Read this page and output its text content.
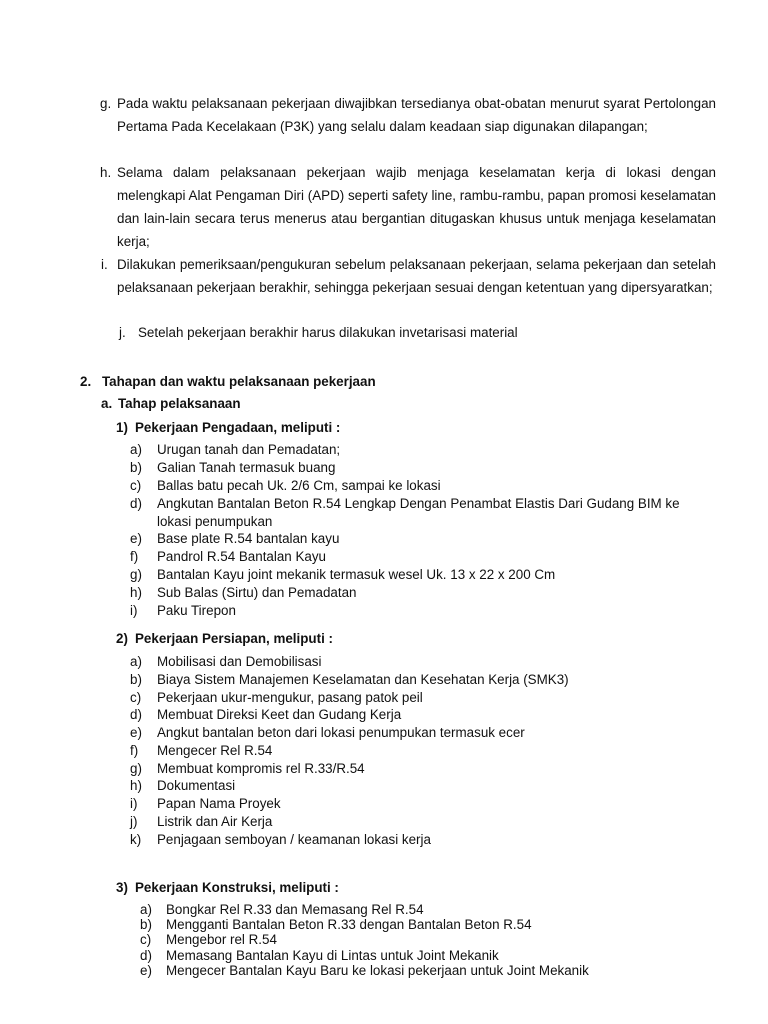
g. Pada waktu pelaksanaan pekerjaan diwajibkan tersedianya obat-obatan menurut syarat Pertolongan Pertama Pada Kecelakaan (P3K) yang selalu dalam keadaan siap digunakan dilapangan;
h. Selama dalam pelaksanaan pekerjaan wajib menjaga keselamatan kerja di lokasi dengan melengkapi Alat Pengaman Diri (APD) seperti safety line, rambu-rambu, papan promosi keselamatan dan lain-lain secara terus menerus atau bergantian ditugaskan khusus untuk menjaga keselamatan kerja;
i. Dilakukan pemeriksaan/pengukuran sebelum pelaksanaan pekerjaan, selama pekerjaan dan setelah pelaksanaan pekerjaan berakhir, sehingga pekerjaan sesuai dengan ketentuan yang dipersyaratkan;
j. Setelah pekerjaan berakhir harus dilakukan invetarisasi material
2. Tahapan dan waktu pelaksanaan pekerjaan
a. Tahap pelaksanaan
1) Pekerjaan Pengadaan, meliputi :
a) Urugan tanah dan Pemadatan;
b) Galian Tanah termasuk buang
c) Ballas batu pecah Uk. 2/6 Cm, sampai ke lokasi
d) Angkutan Bantalan Beton R.54 Lengkap Dengan Penambat Elastis Dari Gudang BIM ke lokasi penumpukan
e) Base plate R.54 bantalan kayu
f) Pandrol R.54 Bantalan Kayu
g) Bantalan Kayu joint mekanik termasuk wesel Uk. 13 x 22 x 200 Cm
h) Sub Balas (Sirtu) dan Pemadatan
i) Paku Tirepon
2) Pekerjaan Persiapan, meliputi :
a) Mobilisasi dan Demobilisasi
b) Biaya Sistem Manajemen Keselamatan dan Kesehatan Kerja (SMK3)
c) Pekerjaan ukur-mengukur, pasang patok peil
d) Membuat Direksi Keet dan Gudang Kerja
e) Angkut bantalan beton dari lokasi penumpukan termasuk ecer
f) Mengecer Rel R.54
g) Membuat kompromis rel R.33/R.54
h) Dokumentasi
i) Papan Nama Proyek
j) Listrik dan Air Kerja
k) Penjagaan semboyan / keamanan lokasi kerja
3) Pekerjaan Konstruksi, meliputi :
a) Bongkar Rel R.33 dan Memasang Rel R.54
b) Mengganti Bantalan Beton R.33 dengan Bantalan Beton R.54
c) Mengebor rel R.54
d) Memasang Bantalan Kayu di Lintas untuk Joint Mekanik
e) Mengecer Bantalan Kayu Baru ke lokasi pekerjaan untuk Joint Mekanik
